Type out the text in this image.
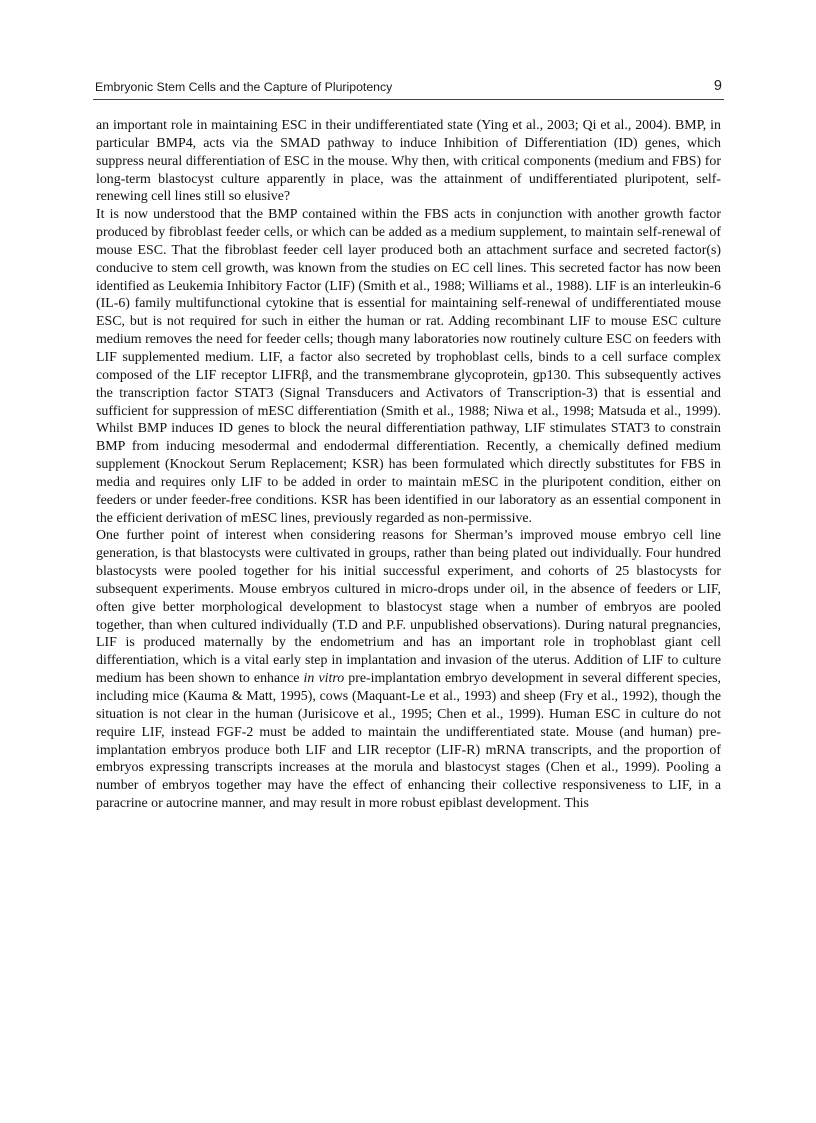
Embryonic Stem Cells and the Capture of Pluripotency	9

an important role in maintaining ESC in their undifferentiated state (Ying et al., 2003; Qi et al., 2004). BMP, in particular BMP4, acts via the SMAD pathway to induce Inhibition of Differentiation (ID) genes, which suppress neural differentiation of ESC in the mouse. Why then, with critical components (medium and FBS) for long-term blastocyst culture apparently in place, was the attainment of undifferentiated pluripotent, self-renewing cell lines still so elusive?

It is now understood that the BMP contained within the FBS acts in conjunction with another growth factor produced by fibroblast feeder cells, or which can be added as a medium supplement, to maintain self-renewal of mouse ESC. That the fibroblast feeder cell layer produced both an attachment surface and secreted factor(s) conducive to stem cell growth, was known from the studies on EC cell lines. This secreted factor has now been identified as Leukemia Inhibitory Factor (LIF) (Smith et al., 1988; Williams et al., 1988). LIF is an interleukin-6 (IL-6) family multifunctional cytokine that is essential for maintaining self-renewal of undifferentiated mouse ESC, but is not required for such in either the human or rat. Adding recombinant LIF to mouse ESC culture medium removes the need for feeder cells; though many laboratories now routinely culture ESC on feeders with LIF supplemented medium. LIF, a factor also secreted by trophoblast cells, binds to a cell surface complex composed of the LIF receptor LIFRβ, and the transmembrane glycoprotein, gp130. This subsequently actives the transcription factor STAT3 (Signal Transducers and Activators of Transcription-3) that is essential and sufficient for suppression of mESC differentiation (Smith et al., 1988; Niwa et al., 1998; Matsuda et al., 1999). Whilst BMP induces ID genes to block the neural differentiation pathway, LIF stimulates STAT3 to constrain BMP from inducing mesodermal and endodermal differentiation. Recently, a chemically defined medium supplement (Knockout Serum Replacement; KSR) has been formulated which directly substitutes for FBS in media and requires only LIF to be added in order to maintain mESC in the pluripotent condition, either on feeders or under feeder-free conditions. KSR has been identified in our laboratory as an essential component in the efficient derivation of mESC lines, previously regarded as non-permissive.

One further point of interest when considering reasons for Sherman’s improved mouse embryo cell line generation, is that blastocysts were cultivated in groups, rather than being plated out individually. Four hundred blastocysts were pooled together for his initial successful experiment, and cohorts of 25 blastocysts for subsequent experiments. Mouse embryos cultured in micro-drops under oil, in the absence of feeders or LIF, often give better morphological development to blastocyst stage when a number of embryos are pooled together, than when cultured individually (T.D and P.F. unpublished observations). During natural pregnancies, LIF is produced maternally by the endometrium and has an important role in trophoblast giant cell differentiation, which is a vital early step in implantation and invasion of the uterus. Addition of LIF to culture medium has been shown to enhance in vitro pre-implantation embryo development in several different species, including mice (Kauma & Matt, 1995), cows (Maquant-Le et al., 1993) and sheep (Fry et al., 1992), though the situation is not clear in the human (Jurisicove et al., 1995; Chen et al., 1999). Human ESC in culture do not require LIF, instead FGF-2 must be added to maintain the undifferentiated state. Mouse (and human) pre-implantation embryos produce both LIF and LIR receptor (LIF-R) mRNA transcripts, and the proportion of embryos expressing transcripts increases at the morula and blastocyst stages (Chen et al., 1999). Pooling a number of embryos together may have the effect of enhancing their collective responsiveness to LIF, in a paracrine or autocrine manner, and may result in more robust epiblast development. This
